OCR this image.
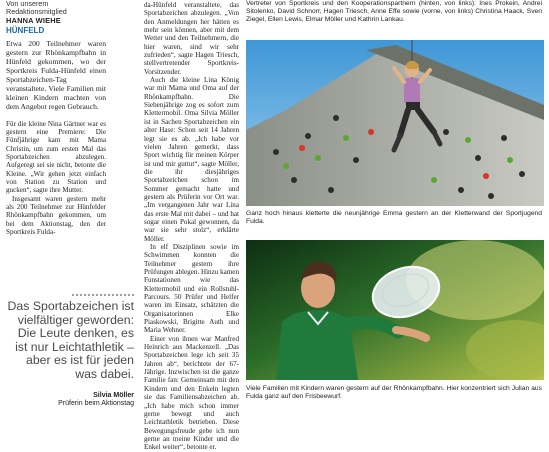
Von unserem Redaktionsmitglied
HANNA WIEHE
HÜNFELD

Etwa 200 Teilnehmer waren gestern zur Rhönkampfbahn in Hünfeld gekommen, wo der Sportkreis Fulda-Hünfeld einen Sportabzeichen-Tag veranstaltete. Viele Familien mit kleinen Kindern machten von dem Angebot regen Gebrauch.

Für die kleine Nina Gärtner war es gestern eine Premiere: Die Fünfjährige kam mit Mama Christin, um zum ersten Mal das Sportabzeichen abzulegen. Aufgeregt sei sie nicht, betonte die Kleine. „Wir gehen jetzt einfach von Station zu Station und gucken“, sagte ihre Mutter.

Insgesamt waren gestern mehr als 200 Teilnehmer zur Hünfelder Rhönkampfbahn gekommen, um bei dem Aktionstag, den der Sportkreis Fulda-

Das Sportabzeichen ist vielfältiger geworden: Die Leute denken, es ist nur Leichtathletik – aber es ist für jeden was dabei.
Silvia Möller
Prüferin beim Aktionstag

da-Hünfeld veranstaltete, das Sportabzeichen abzulegen. „Von den Anmeldungen her hätten es mehr sein können, aber mit dem Wetter und den Teilnehmern, die hier waren, sind wir sehr zufrieden“, sagte Hagen Triesch, stellvertretender Sportkreis-Vorsitzender.

Auch die kleine Lina König war mit Mama und Oma auf der Rhönkampfbahn. Die Siebenjährige zog es sofort zum Klettermobil. Oma Silvia Möller ist in Sachen Sportabzeichen ein alter Hase: Schon seit 14 Jahren legt sie es ab. „Ich habe vor vielen Jahren gemerkt, dass Sport wichtig für meinen Körper ist und mir guttut“, sagte Möller, die ihr diesjähriges Sportabzeichen schon im Sommer gemacht hatte und gestern als Prüferin vor Ort war. „Im vergangenen Jahr war Lina das erste Mal mit dabei – und hat sogar einen Pokal gewonnen, da war sie sehr stolz“, erklärte Möller.

In elf Disziplinen sowie im Schwimmen konnten die Teilnehmer gestern ihre Prüfungen ablegen. Hinzu kamen Funstationen wie das Klettermobil und ein Rollstuhl-Parcours. 50 Prüfer und Helfer waren im Einsatz, schätzten die Organisatorinnen Elke Piaskowski, Brigitte Auth und Maria Wehner.

Einer von ihnen war Manfred Heinrich aus Mackenzell. „Das Sportabzeichen lege ich seit 35 Jahren ab“, berichtete der 67-Jährige. Inzwischen ist die ganze Familie fan: Gemeinsam mit den Kindern und den Enkeln legten sie das Familiensabzeichen ab. „Ich habe mich schon immer gerne bewegt und auch Leichtathletik betrieben. Diese Bewegungsfreude gebe ich nun gerne an meine Kinder und die Enkel weiter“, betonte er.

Vertreter von Sportkreis und den Kooperationspartnern (hinten, von links): Ines Prokein, Andrei Sitolenko, David Schnorr, Hagen Triesch, Anne Effe sowie (vorne, von links) Christina Haack, Sven Ziegel, Ellen Lewis, Elmar Möller und Kathrin Lankau.
Ganz hoch hinaus kletterte die neunjährige Emma gestern an der Kletterwand der Sportjugend Fulda.
Viele Familien mit Kindern waren gestern auf der Rhönkampfbahn. Hier konzentriert sich Julian aus Fulda ganz auf den Frisbeewurf.
